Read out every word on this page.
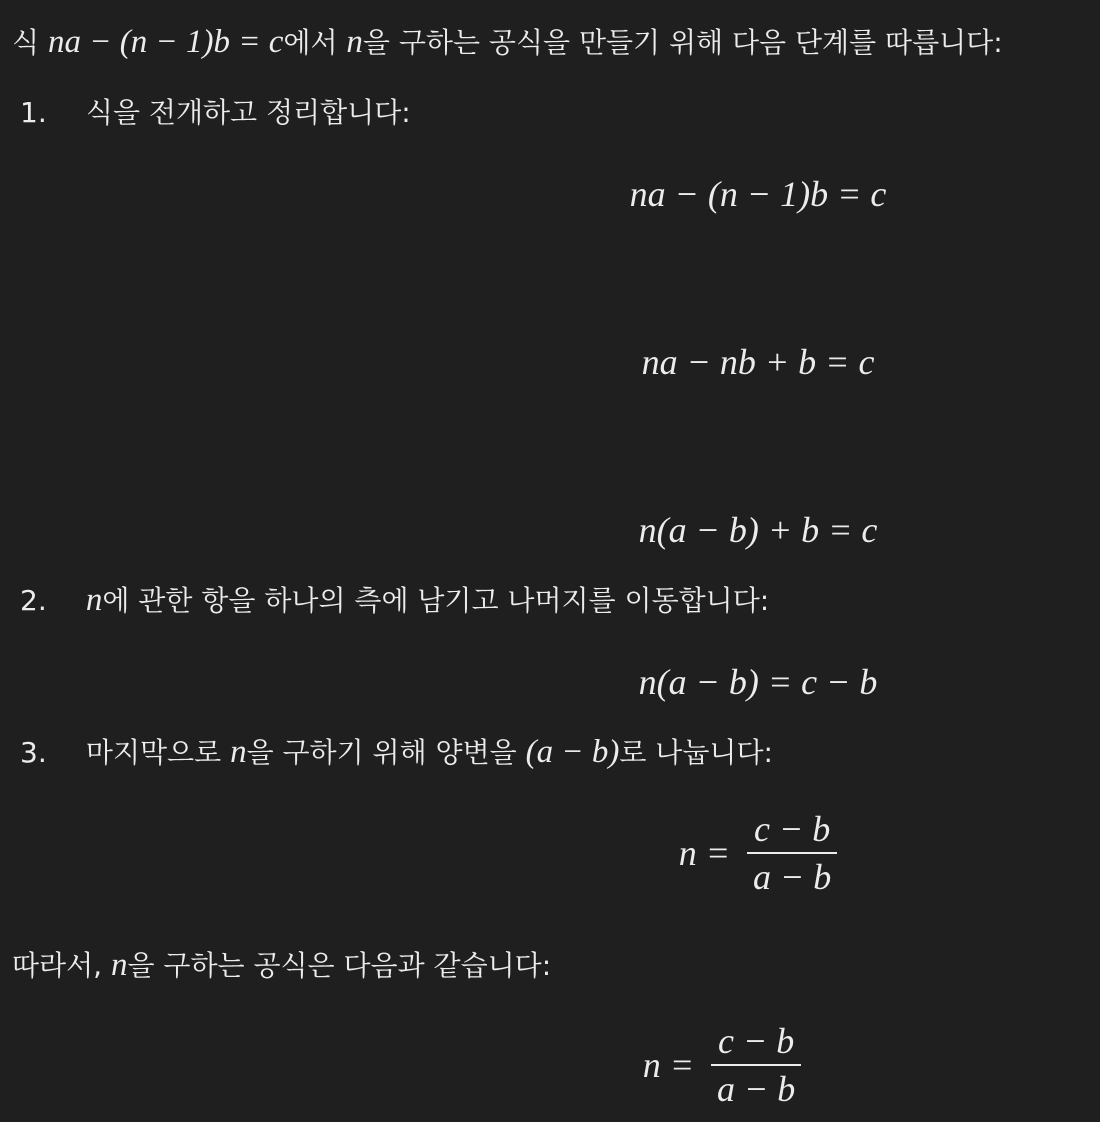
식 na − (n − 1)b = c에서 n을 구하는 공식을 만들기 위해 다음 단계를 따릅니다:
1. 식을 전개하고 정리합니다:
na − (n − 1)b = c
na − nb + b = c
n(a − b) + b = c
2. n에 관한 항을 하나의 측에 남기고 나머지를 이동합니다:
n(a − b) = c − b
3. 마지막으로 n을 구하기 위해 양변을 (a − b)로 나눕니다:
$n = \frac{c - b}{a - b}$
따라서, n을 구하는 공식은 다음과 같습니다:
$n = \frac{c - b}{a - b}$
